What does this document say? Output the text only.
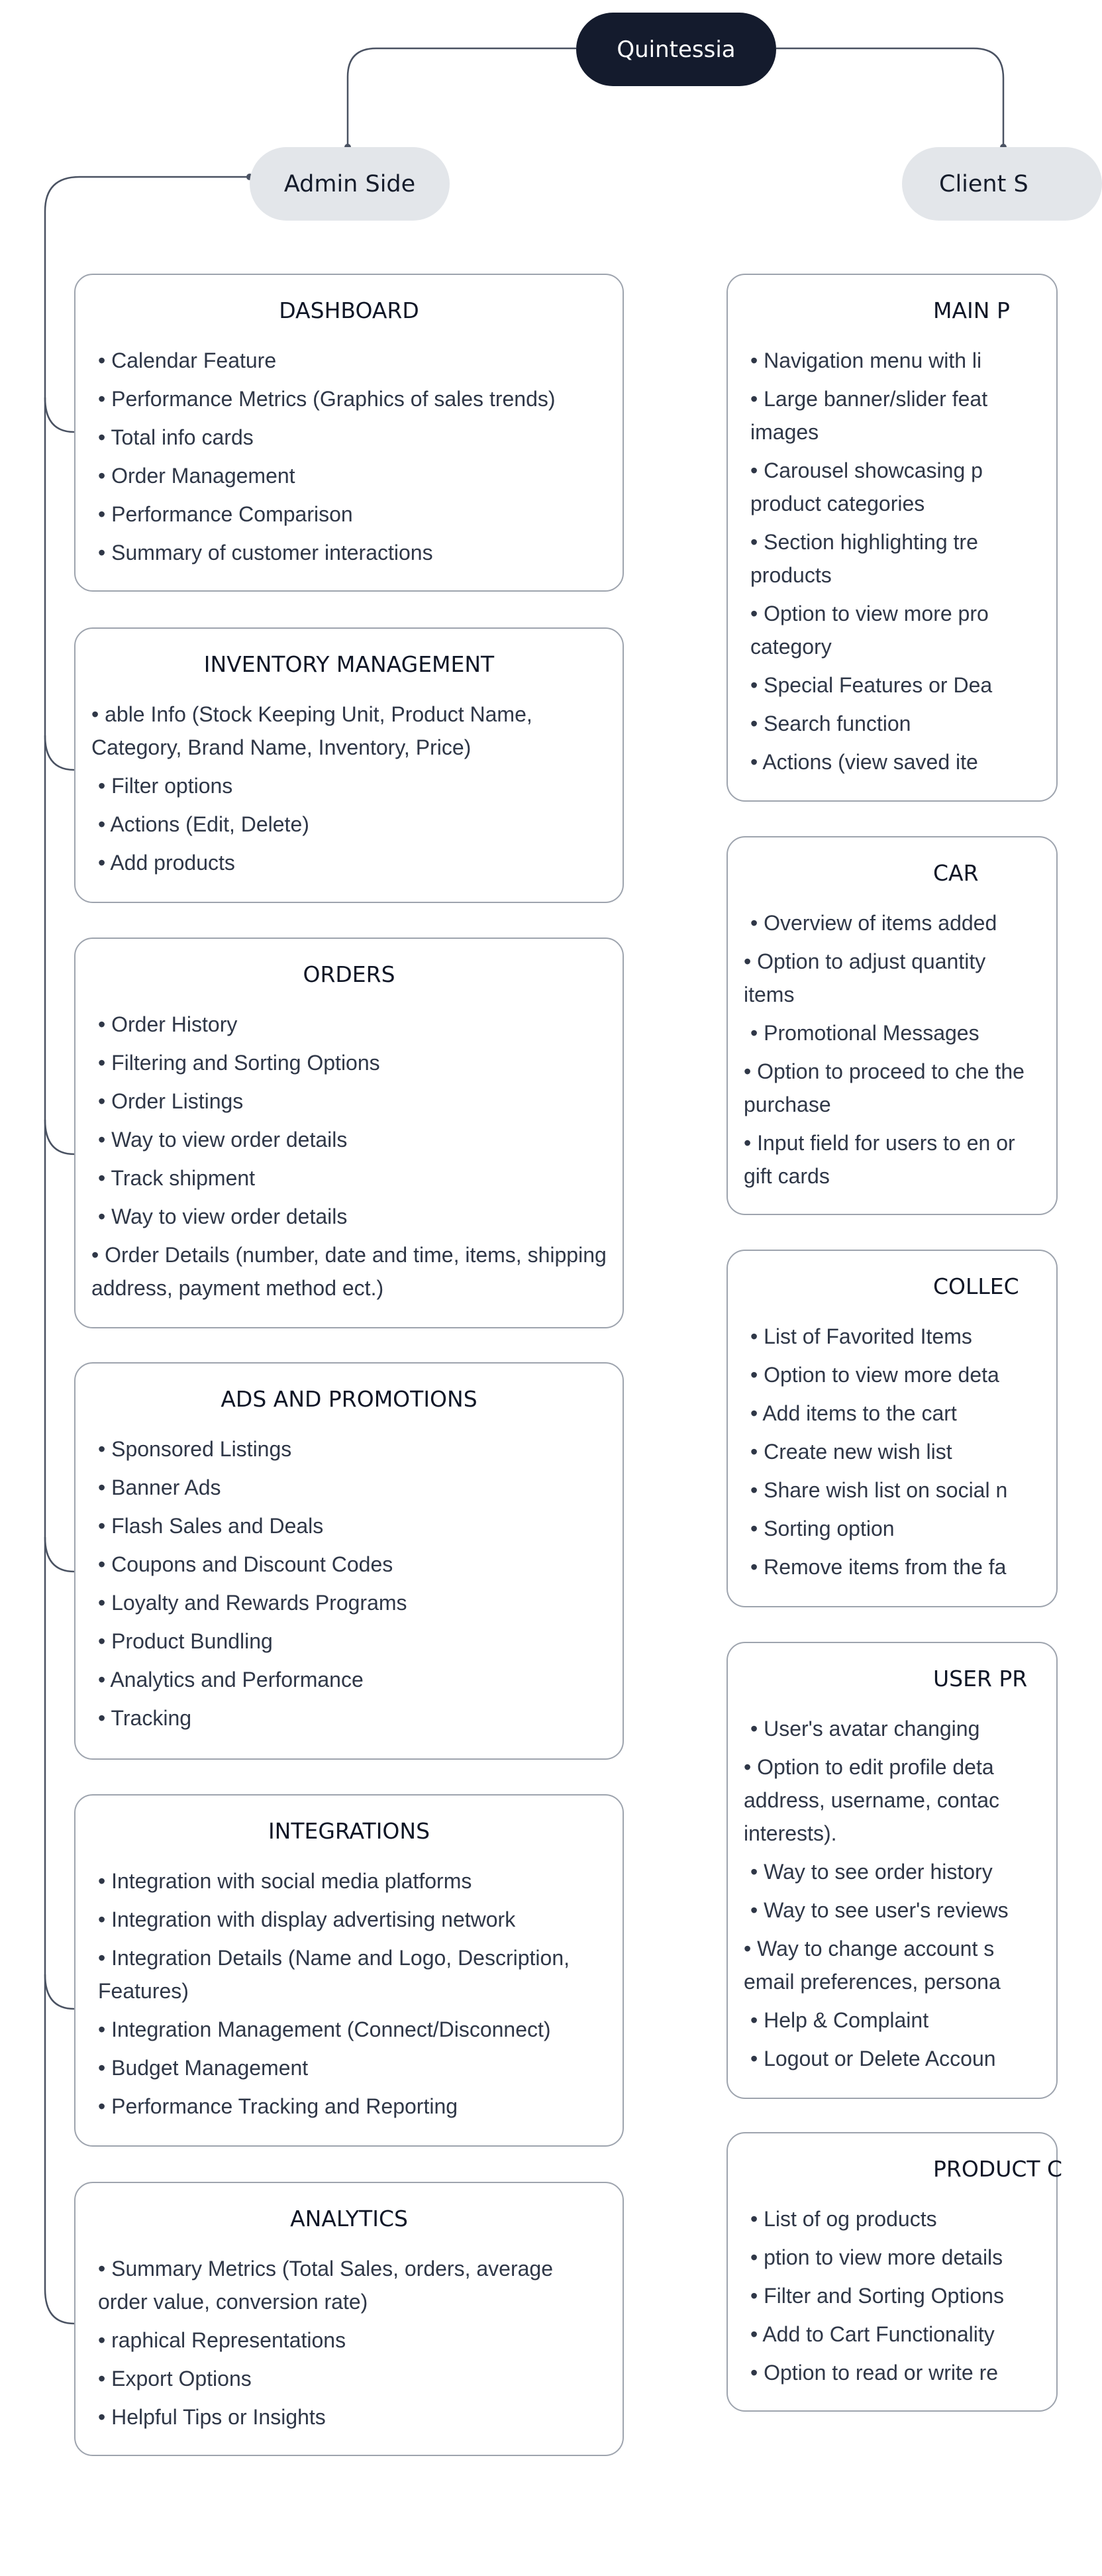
Quintessia
Admin Side	Client S
DASHBOARD
• Calendar Feature
• Performance Metrics (Graphics of sales trends)
• Total info cards
• Order Management
• Performance Comparison
• Summary of customer interactions
INVENTORY MANAGEMENT
• able Info (Stock Keeping Unit, Product Name, Category, Brand Name, Inventory, Price)
• Filter options
• Actions (Edit, Delete)
• Add products
ORDERS
• Order History
• Filtering and Sorting Options
• Order Listings
• Way to view order details
• Track shipment
• Way to view order details
• Order Details (number, date and time, items, shipping address, payment method ect.)
ADS AND PROMOTIONS
• Sponsored Listings
• Banner Ads
• Flash Sales and Deals
• Coupons and Discount Codes
• Loyalty and Rewards Programs
• Product Bundling
• Analytics and Performance
• Tracking
INTEGRATIONS
• Integration with social media platforms
• Integration with display advertising network
• Integration Details (Name and Logo, Description, Features)
• Integration Management (Connect/Disconnect)
• Budget Management
• Performance Tracking and Reporting
ANALYTICS
• Summary Metrics (Total Sales, orders, average order value, conversion rate)
• raphical Representations
• Export Options
• Helpful Tips or Insights
MAIN P
• Navigation menu with li
• Large banner/slider feat images
• Carousel showcasing p product categories
• Section highlighting tre products
• Option to view more pro category
• Special Features or Dea
• Search function
• Actions (view saved ite
CAR
• Overview of items added
• Option to adjust quantity items
• Promotional Messages
• Option to proceed to che the purchase
• Input field for users to en or gift cards
COLLEC
• List of Favorited Items
• Option to view more deta
• Add items to the cart
• Create new wish list
• Share wish list on social n
• Sorting option
• Remove items from the fa
USER PR
• User's avatar changing
• Option to edit profile deta address, username, contac interests).
• Way to see order history
• Way to see user's reviews
• Way to change account s email preferences, persona
• Help & Complaint
• Logout or Delete Accoun
PRODUCT C
• List of og products
• ption to view more details
• Filter and Sorting Options
• Add to Cart Functionality
• Option to read or write re
